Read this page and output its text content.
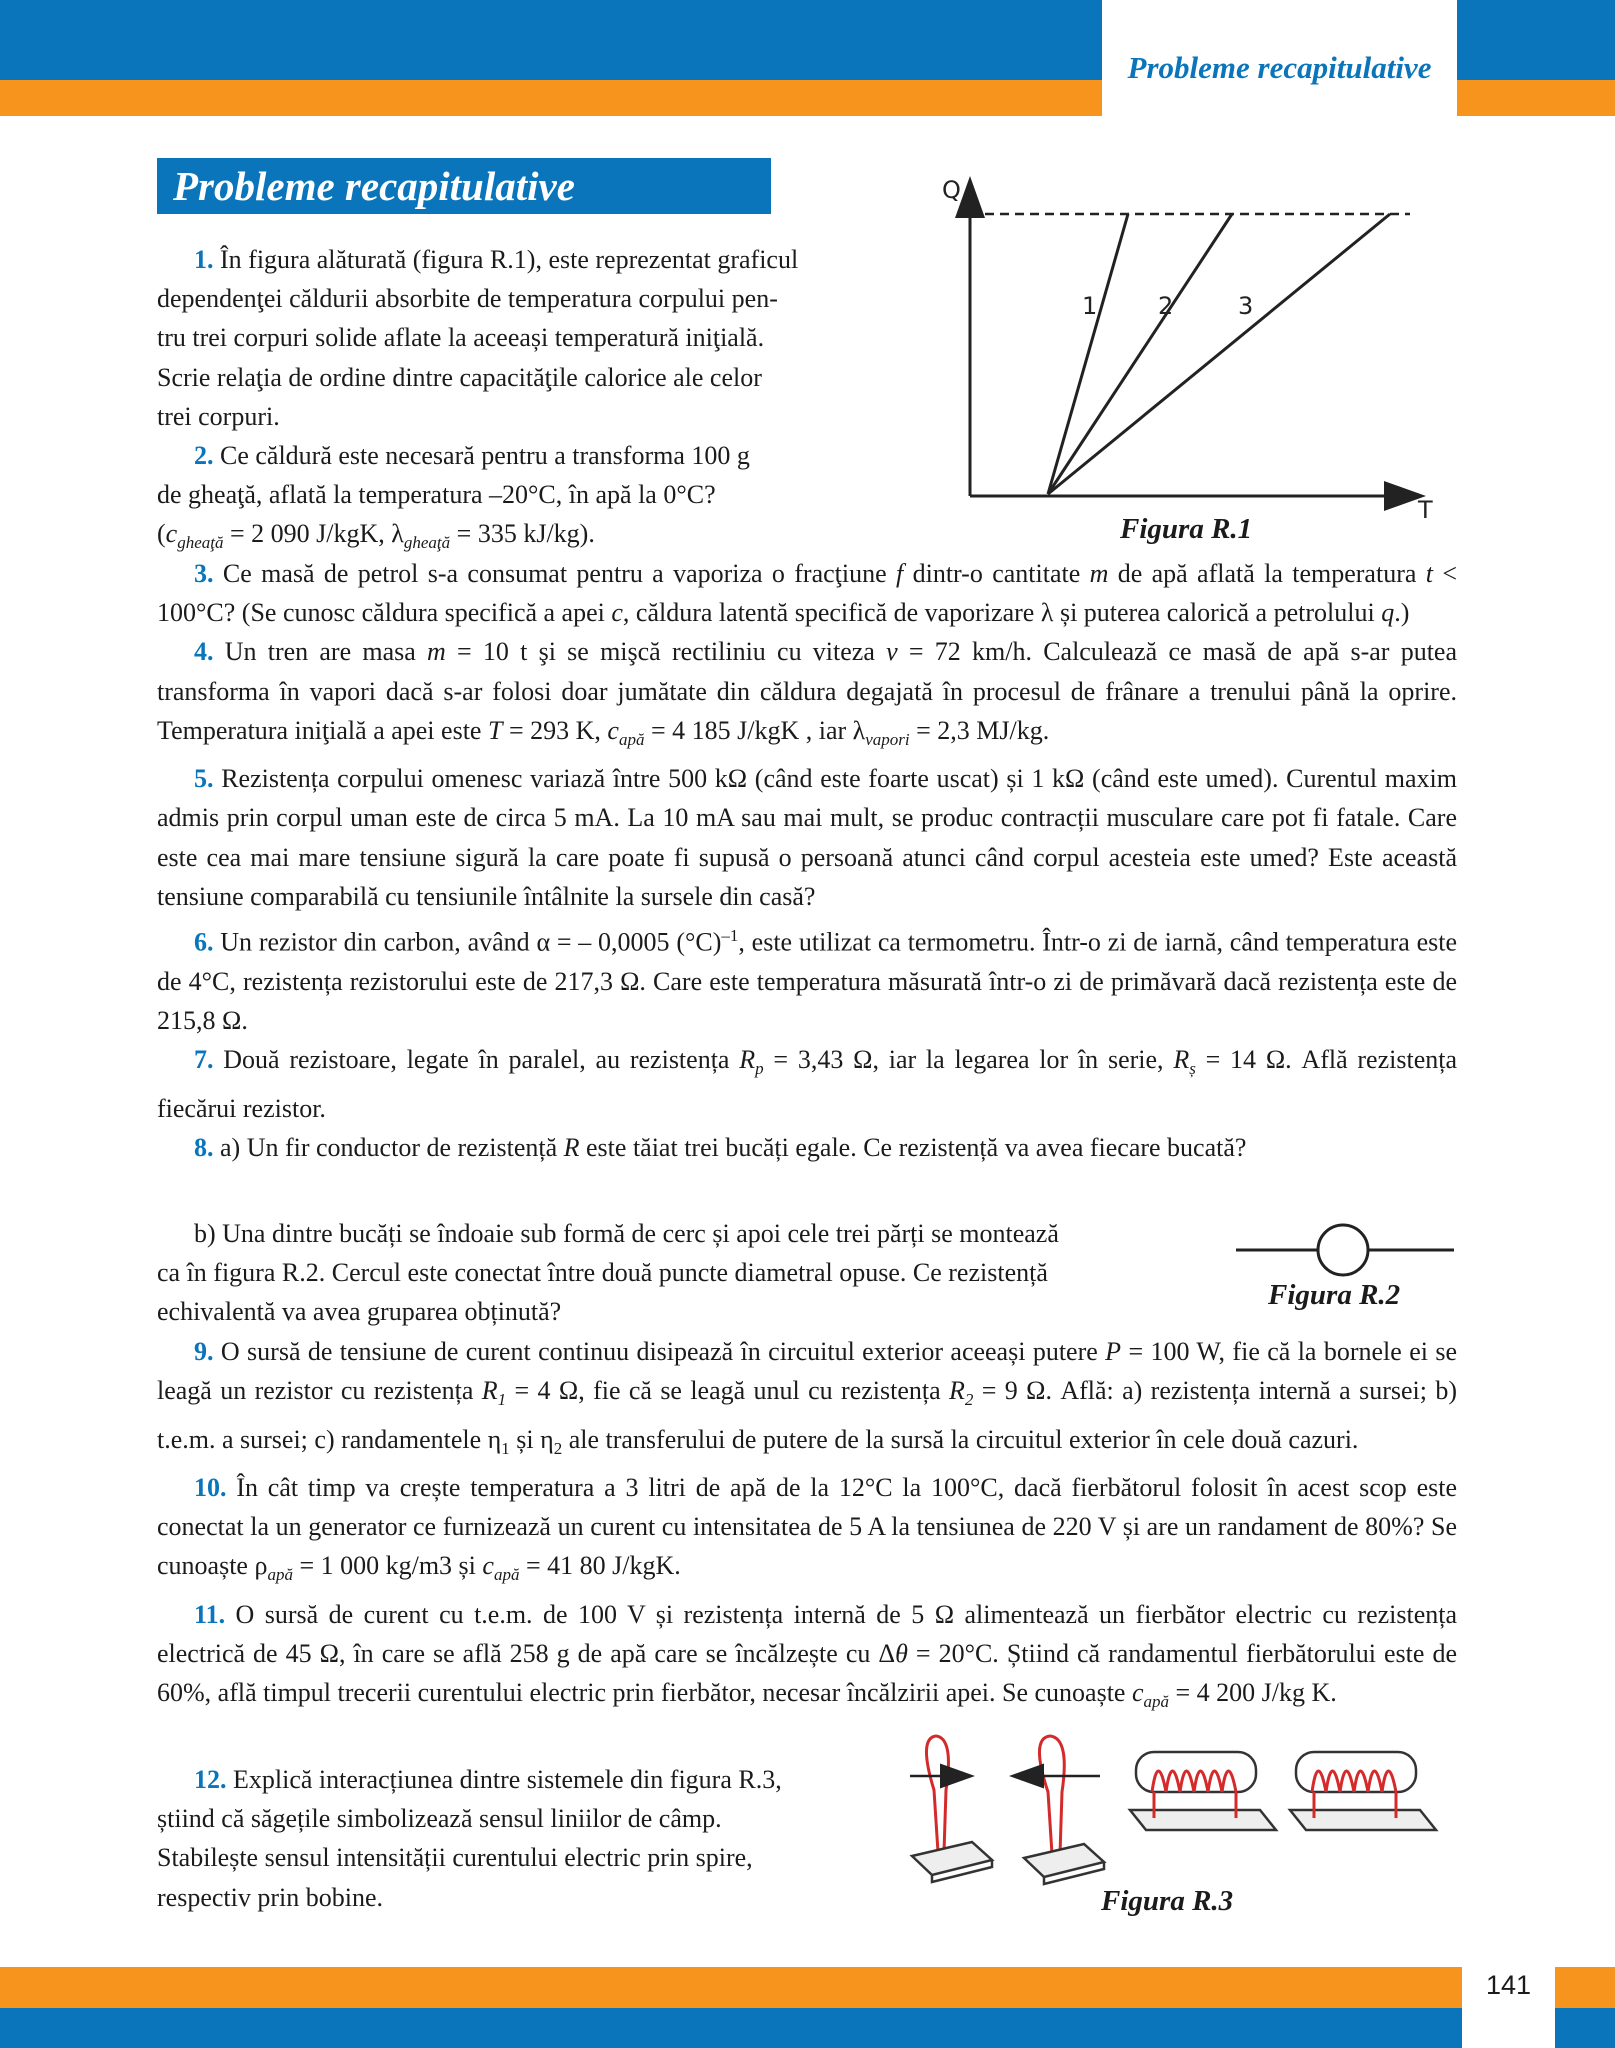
Probleme recapitulative
141
Probleme recapitulative	Q
T
1	2	3
Figura R.1
Figura R.2
Figura R.3

1. În figura alăturată (figura R.1), este reprezentat graficul

dependenţei căldurii absorbite de temperatura corpului pen-
tru trei corpuri solide aflate la aceeași temperatură iniţială.
Scrie relaţia de ordine dintre capacităţile calorice ale celor
trei corpuri.

2. Ce căldură este necesară pentru a transforma 100 g

de gheaţă, aflată la temperatura –20°C, în apă la 0°C?
($c_{gheaţă} = 2$ 090 J/kgK, $\lambda_{gheaţă} = 335$ kJ/kg).

3. Ce masă de petrol s-a consumat pentru a vaporiza o fracţiune f dintr-o cantitate m de apă aflată la temperatura t < 100°C? (Se cunosc căldura specifică a apei c, căldura latentă specifică de vaporizare λ și puterea calorică a petrolului q.)

4. Un tren are masa m = 10 t şi se mişcă rectiliniu cu viteza v = 72 km/h. Calculează ce masă de apă s-ar putea transforma în vapori dacă s-ar folosi doar jumătate din căldura degajată în procesul de frânare a trenului până la oprire. Temperatura iniţială a apei este T = 293 K, $c_{apă} = 4$ 185 J/kgK , iar $\lambda_{vapori} = 2,3$ MJ/kg.

5. Rezistența corpului omenesc variază între 500 kΩ (când este foarte uscat) și 1 kΩ (când este umed). Curentul maxim admis prin corpul uman este de circa 5 mA. La 10 mA sau mai mult, se produc contracții musculare care pot fi fatale. Care este cea mai mare tensiune sigură la care poate fi supusă o persoană atunci când corpul acesteia este umed? Este această tensiune comparabilă cu tensiunile întâlnite la sursele din casă?

6. Un rezistor din carbon, având α = – 0,0005 $(^\circ C)^{-1}$, este utilizat ca termometru. Într-o zi de iarnă, când temperatura este de 4°C, rezistența rezistorului este de 217,3 Ω. Care este temperatura măsurată într-o zi de primăvară dacă rezistența este de 215,8 Ω.

7. Două rezistoare, legate în paralel, au rezistența $R_p = 3,43$ Ω, iar la legarea lor în serie, $R_ș = 14$ Ω. Află rezistența fiecărui rezistor.

8. a) Un fir conductor de rezistență R este tăiat trei bucăți egale. Ce rezistență va avea fiecare bucată?

b) Una dintre bucăți se îndoaie sub formă de cerc și apoi cele trei părți se montează

ca în figura R.2. Cercul este conectat între două puncte diametral opuse. Ce rezistență
echivalentă va avea gruparea obținută?

9. O sursă de tensiune de curent continuu disipează în circuitul exterior aceeași putere P = 100 W, fie că la bornele ei se leagă un rezistor cu rezistența $R_1 = 4$ Ω, fie că se leagă unul cu rezistența $R_2 = 9$ Ω. Află: a) rezistența internă a sursei; b) t.e.m. a sursei; c) randamentele $\eta_1$ și $\eta_2$ ale transferului de putere de la sursă la circuitul exterior în cele două cazuri.

10. În cât timp va crește temperatura a 3 litri de apă de la 12°C la 100°C, dacă fierbătorul folosit în acest scop este conectat la un generator ce furnizează un curent cu intensitatea de 5 A la tensiunea de 220 V și are un randament de 80%? Se cunoaște $\rho_{apă} = 1$ 000 kg/m3 și $c_{apă} = 41$ 80 J/kgK.

11. O sursă de curent cu t.e.m. de 100 V și rezistența internă de 5 Ω alimentează un fierbător electric cu rezistența electrică de 45 Ω, în care se află 258 g de apă care se încălzește cu Δθ = 20°C. Știind că randamentul fierbătorului este de 60%, află timpul trecerii curentului electric prin fierbător, necesar încălzirii apei. Se cunoaște $c_{apă} = 4$ 200 J/kg K.

12. Explică interacțiunea dintre sistemele din figura R.3,

știind că săgețile simbolizează sensul liniilor de câmp.
Stabilește sensul intensității curentului electric prin spire,
respectiv prin bobine.
